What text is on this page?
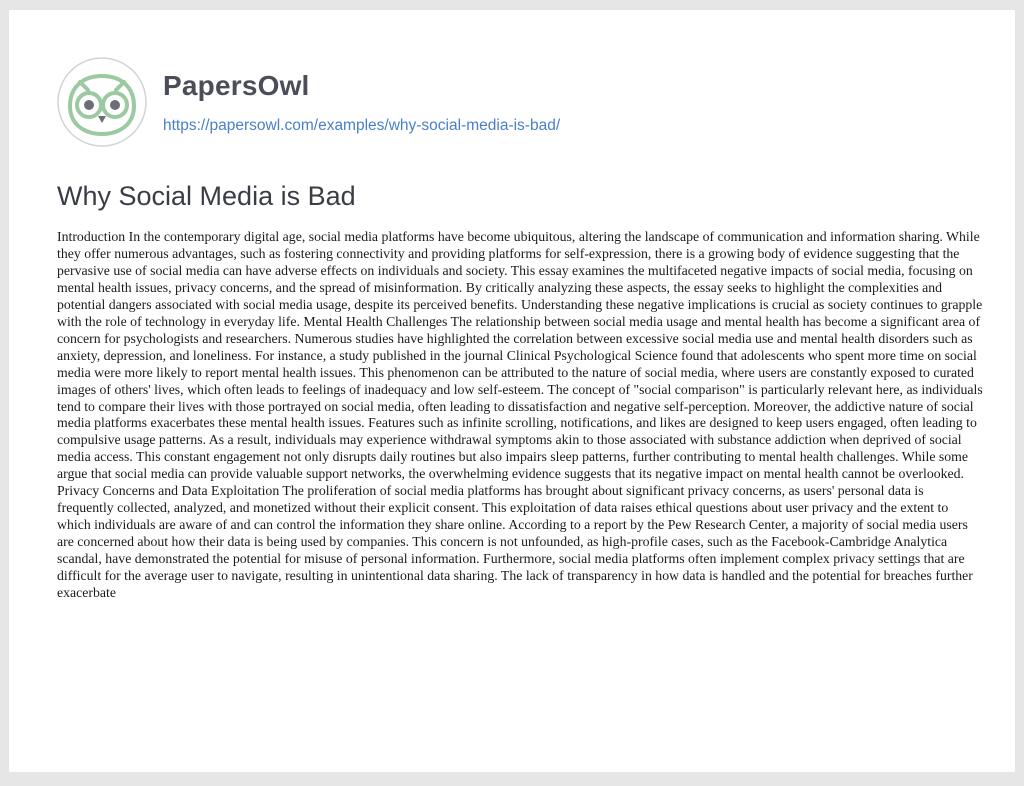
PapersOwl
https://papersowl.com/examples/why-social-media-is-bad/
Why Social Media is Bad

Introduction In the contemporary digital age, social media platforms have become ubiquitous, altering the landscape of communication and information sharing. While they offer numerous advantages, such as fostering connectivity and providing platforms for self-expression, there is a growing body of evidence suggesting that the pervasive use of social media can have adverse effects on individuals and society. This essay examines the multifaceted negative impacts of social media, focusing on mental health issues, privacy concerns, and the spread of misinformation. By critically analyzing these aspects, the essay seeks to highlight the complexities and potential dangers associated with social media usage, despite its perceived benefits. Understanding these negative implications is crucial as society continues to grapple with the role of technology in everyday life. Mental Health Challenges The relationship between social media usage and mental health has become a significant area of concern for psychologists and researchers. Numerous studies have highlighted the correlation between excessive social media use and mental health disorders such as anxiety, depression, and loneliness. For instance, a study published in the journal Clinical Psychological Science found that adolescents who spent more time on social media were more likely to report mental health issues. This phenomenon can be attributed to the nature of social media, where users are constantly exposed to curated images of others' lives, which often leads to feelings of inadequacy and low self-esteem. The concept of "social comparison" is particularly relevant here, as individuals tend to compare their lives with those portrayed on social media, often leading to dissatisfaction and negative self-perception. Moreover, the addictive nature of social media platforms exacerbates these mental health issues. Features such as infinite scrolling, notifications, and likes are designed to keep users engaged, often leading to compulsive usage patterns. As a result, individuals may experience withdrawal symptoms akin to those associated with substance addiction when deprived of social media access. This constant engagement not only disrupts daily routines but also impairs sleep patterns, further contributing to mental health challenges. While some argue that social media can provide valuable support networks, the overwhelming evidence suggests that its negative impact on mental health cannot be overlooked. Privacy Concerns and Data Exploitation The proliferation of social media platforms has brought about significant privacy concerns, as users' personal data is frequently collected, analyzed, and monetized without their explicit consent. This exploitation of data raises ethical questions about user privacy and the extent to which individuals are aware of and can control the information they share online. According to a report by the Pew Research Center, a majority of social media users are concerned about how their data is being used by companies. This concern is not unfounded, as high-profile cases, such as the Facebook-Cambridge Analytica scandal, have demonstrated the potential for misuse of personal information. Furthermore, social media platforms often implement complex privacy settings that are difficult for the average user to navigate, resulting in unintentional data sharing. The lack of transparency in how data is handled and the potential for breaches further exacerbate
